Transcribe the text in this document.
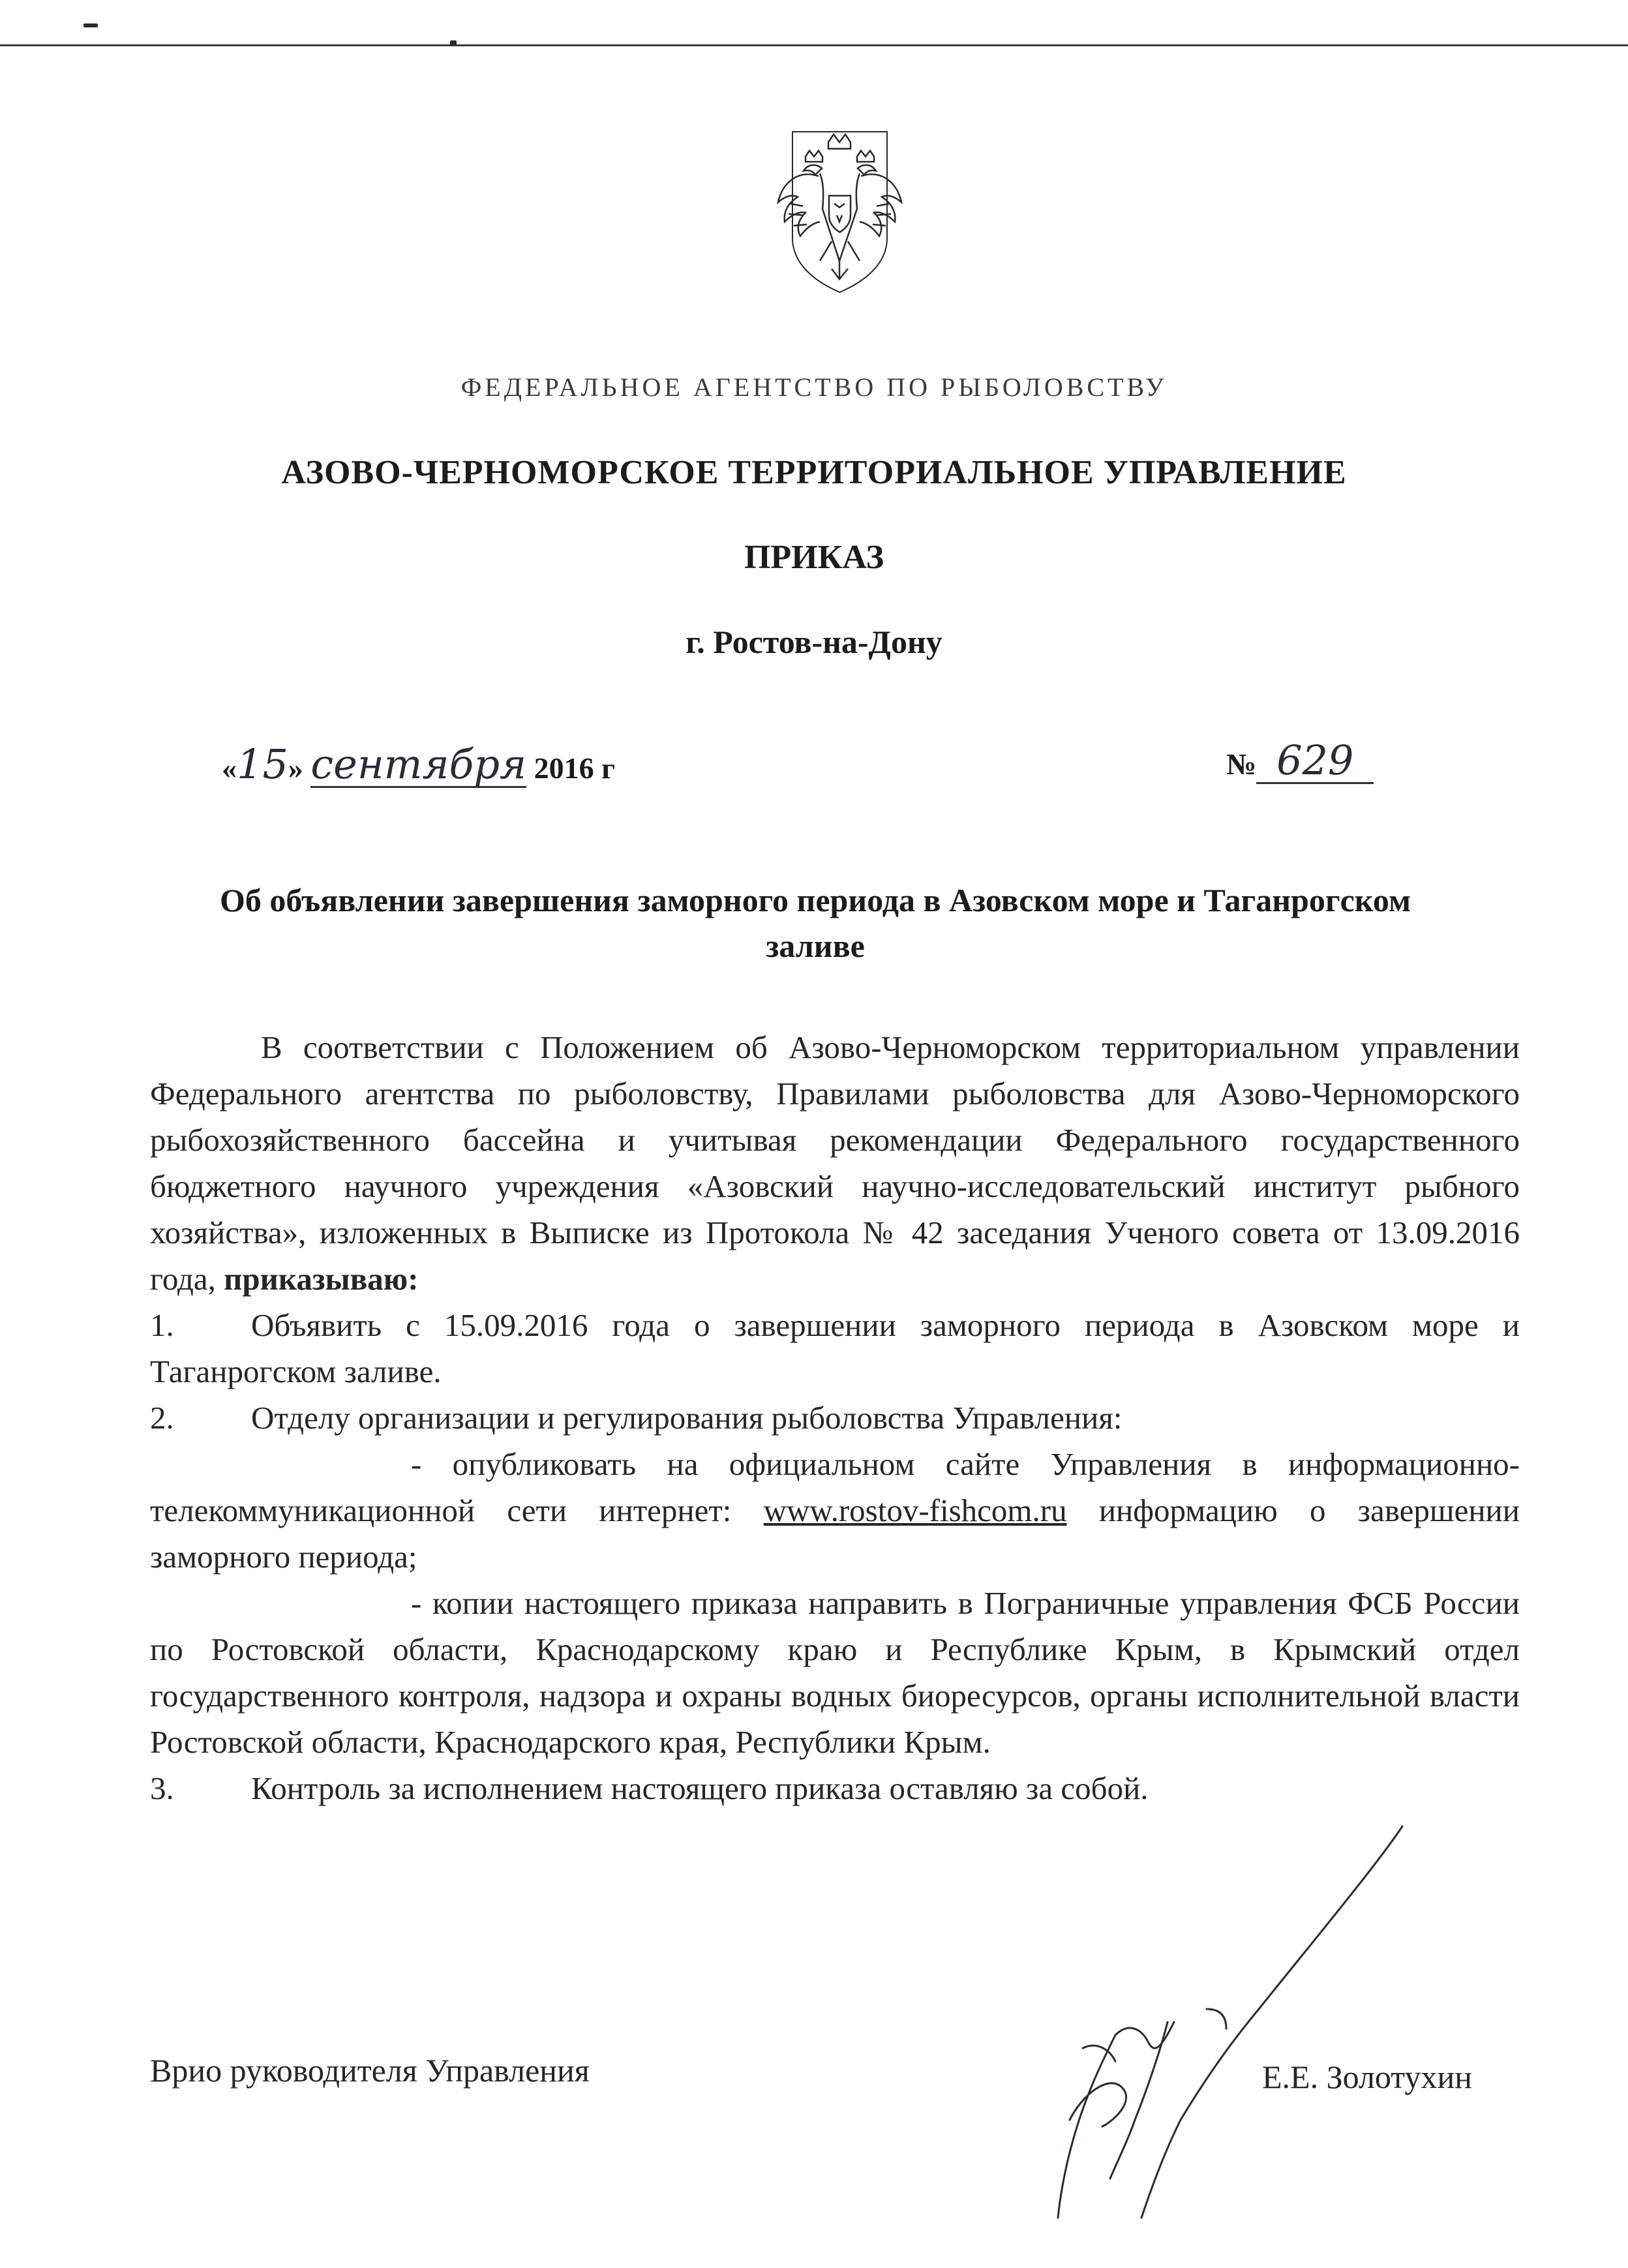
ФЕДЕРАЛЬНОЕ АГЕНТСТВО ПО РЫБОЛОВСТВУ
АЗОВО-ЧЕРНОМОРСКОЕ ТЕРРИТОРИАЛЬНОЕ УПРАВЛЕНИЕ
ПРИКАЗ
г. Ростов-на-Дону
«15» сентября 2016 г	№ 629
Об объявлении завершения заморного периода в Азовском море и Таганрогском заливе

В соответствии с Положением об Азово-Черноморском территориальном управлении Федерального агентства по рыболовству, Правилами рыболовства для Азово-Черноморского рыбохозяйственного бассейна и учитывая рекомендации Федерального государственного бюджетного научного учреждения «Азовский научно-исследовательский институт рыбного хозяйства», изложенных в Выписке из Протокола № 42 заседания Ученого совета от 13.09.2016 года, приказываю:

1. Объявить с 15.09.2016 года о завершении заморного периода в Азовском море и Таганрогском заливе.

2. Отделу организации и регулирования рыболовства Управления:

- опубликовать на официальном сайте Управления в информационно-телекоммуникационной сети интернет: www.rostov-fishcom.ru информацию о завершении заморного периода;

- копии настоящего приказа направить в Пограничные управления ФСБ России по Ростовской области, Краснодарскому краю и Республике Крым, в Крымский отдел государственного контроля, надзора и охраны водных биоресурсов, органы исполнительной власти Ростовской области, Краснодарского края, Республики Крым.

3. Контроль за исполнением настоящего приказа оставляю за собой.

Врио руководителя Управления	Е.Е. Золотухин
